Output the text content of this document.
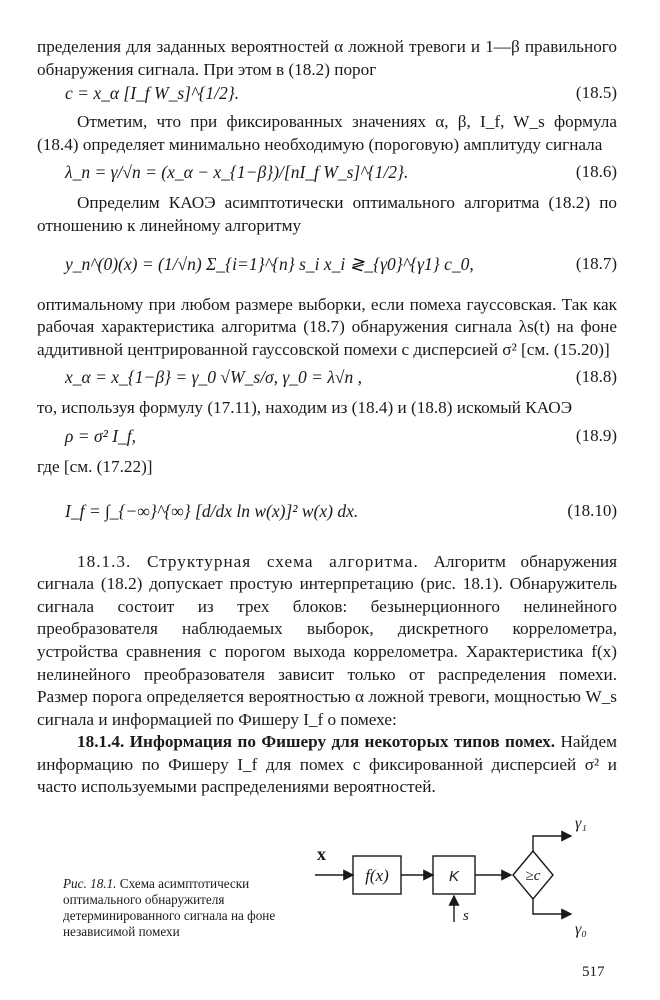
пределения для заданных вероятностей α ложной тревоги и 1—β правильного обнаружения сигнала. При этом в (18.2) порог

c = x_α [I_f W_s]^{1/2}.	(18.5)

Отметим, что при фиксированных значениях α, β, I_f, W_s формула (18.4) определяет минимально необходимую (пороговую) амплитуду сигнала

λ_n = γ/√n = (x_α − x_{1−β})/[nI_f W_s]^{1/2}.	(18.6)

Определим КАОЭ асимптотически оптимального алгоритма (18.2) по отношению к линейному алгоритму

y_n^(0)(x) = (1/√n) Σ_{i=1}^{n} s_i x_i ≷_{γ0}^{γ1} c_0,	(18.7)

оптимальному при любом размере выборки, если помеха гауссовская. Так как рабочая характеристика алгоритма (18.7) обнаружения сигнала λs(t) на фоне аддитивной центрированной гауссовской помехи с дисперсией σ² [см. (15.20)]

x_α = x_{1−β} = γ_0 √W_s/σ, γ_0 = λ√n ,	(18.8)

то, используя формулу (17.11), находим из (18.4) и (18.8) искомый КАОЭ

ρ = σ² I_f,	(18.9)

где [см. (17.22)]

I_f = ∫_{−∞}^{∞} [d/dx ln w(x)]² w(x) dx.	(18.10)

18.1.3. Структурная схема алгоритма. Алгоритм обнаружения сигнала (18.2) допускает простую интерпретацию (рис. 18.1). Обнаружитель сигнала состоит из трех блоков: безынерционного нелинейного преобразователя наблюдаемых выборок, дискретного коррелометра, устройства сравнения с порогом выхода коррелометра. Характеристика f(x) нелинейного преобразователя зависит только от распределения помехи. Размер порога определяется вероятностью α ложной тревоги, мощностью W_s сигнала и информацией по Фишеру I_f о помехе:

18.1.4. Информация по Фишеру для некоторых типов помех. Найдем информацию по Фишеру I_f для помех с фиксированной дисперсией σ² и часто используемыми распределениями вероятностей.

Рис. 18.1. Схема асимптотически оптимального обнаружителя детерминированного сигнала на фоне независимой помехи
x
f(x)	K
s
≥c
γ₁
γ₀
517
